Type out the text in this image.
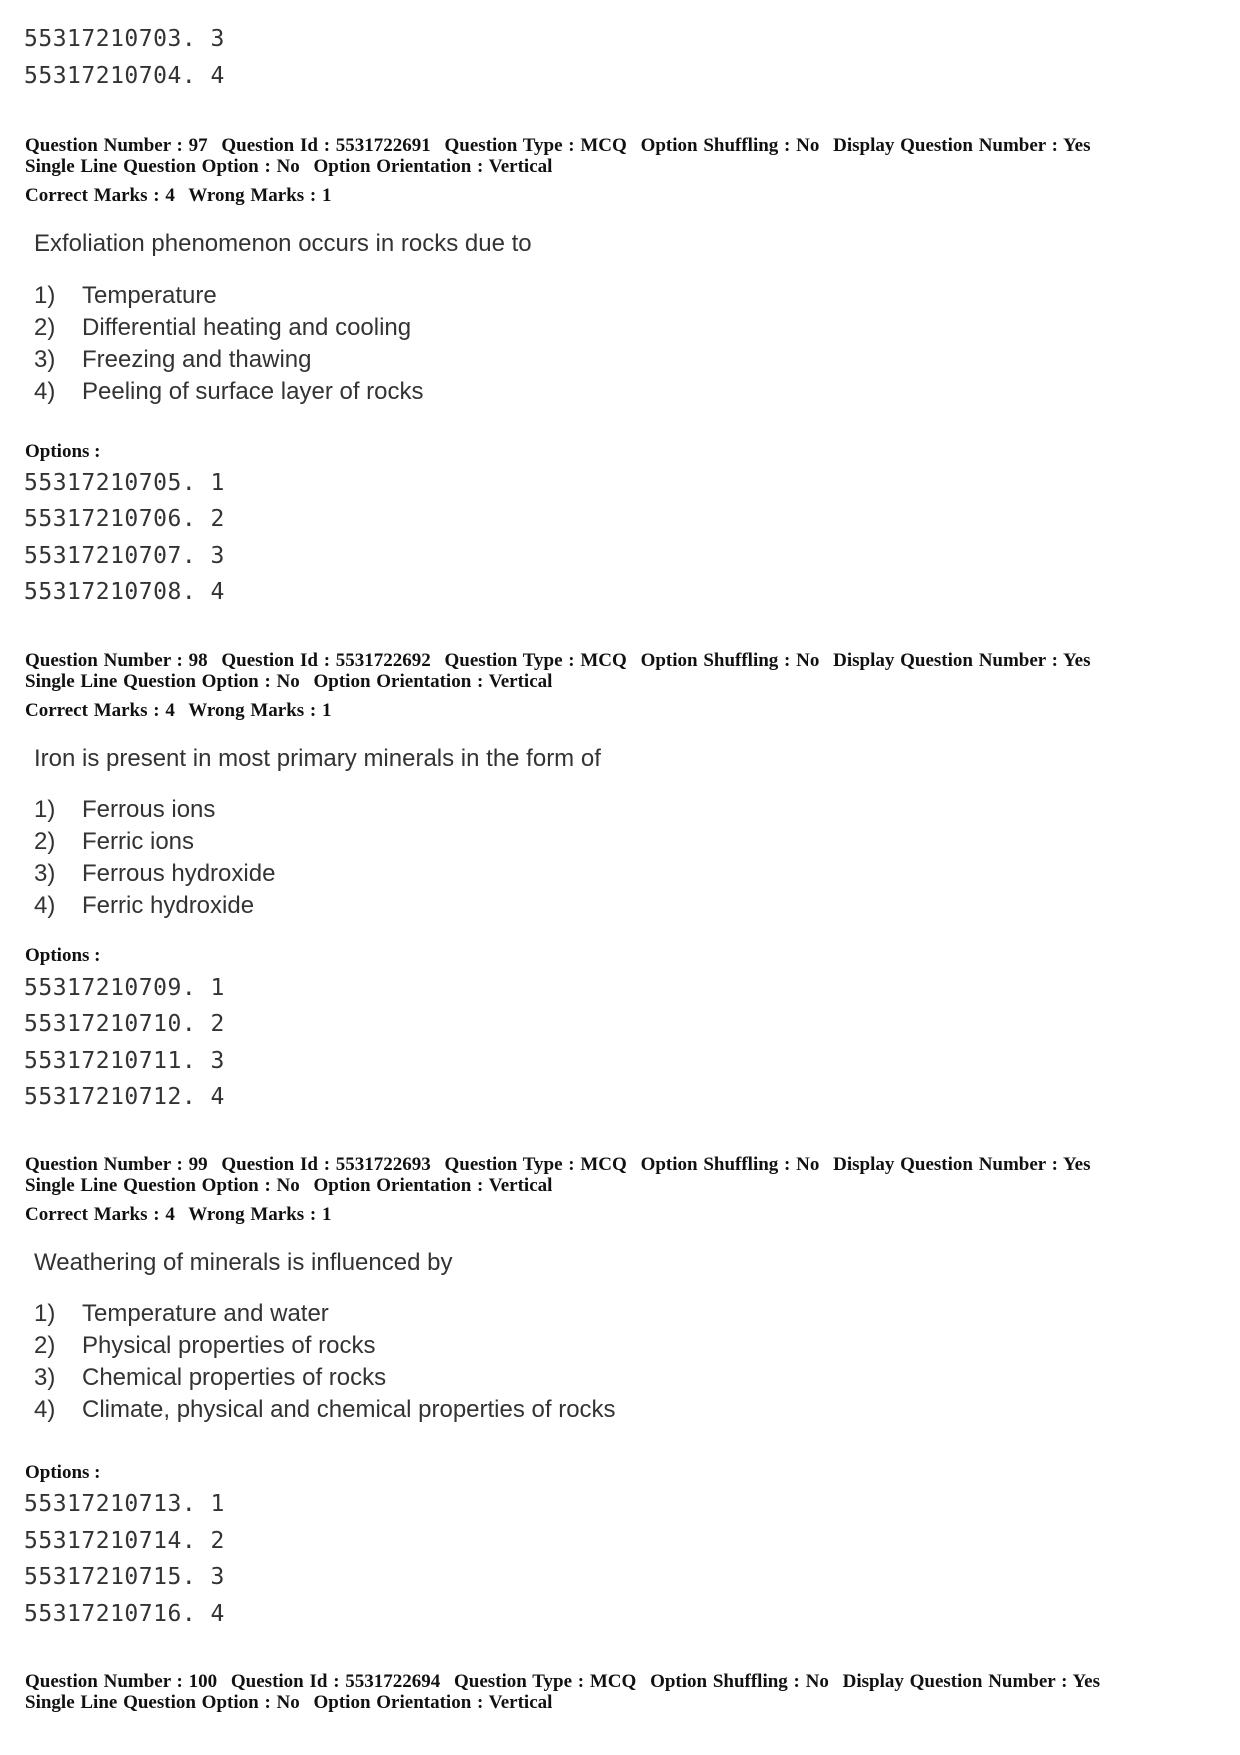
55317210703. 3
55317210704. 4
Question Number : 97 Question Id : 5531722691 Question Type : MCQ Option Shuffling : No Display Question Number : Yes
Single Line Question Option : No Option Orientation : Vertical
Correct Marks : 4 Wrong Marks : 1
Exfoliation phenomenon occurs in rocks due to
1) Temperature
2) Differential heating and cooling
3) Freezing and thawing
4) Peeling of surface layer of rocks
Options :
55317210705. 1
55317210706. 2
55317210707. 3
55317210708. 4
Question Number : 98 Question Id : 5531722692 Question Type : MCQ Option Shuffling : No Display Question Number : Yes
Single Line Question Option : No Option Orientation : Vertical
Correct Marks : 4 Wrong Marks : 1
Iron is present in most primary minerals in the form of
1) Ferrous ions
2) Ferric ions
3) Ferrous hydroxide
4) Ferric hydroxide
Options :
55317210709. 1
55317210710. 2
55317210711. 3
55317210712. 4
Question Number : 99 Question Id : 5531722693 Question Type : MCQ Option Shuffling : No Display Question Number : Yes
Single Line Question Option : No Option Orientation : Vertical
Correct Marks : 4 Wrong Marks : 1
Weathering of minerals is influenced by
1) Temperature and water
2) Physical properties of rocks
3) Chemical properties of rocks
4) Climate, physical and chemical properties of rocks
Options :
55317210713. 1
55317210714. 2
55317210715. 3
55317210716. 4
Question Number : 100 Question Id : 5531722694 Question Type : MCQ Option Shuffling : No Display Question Number : Yes
Single Line Question Option : No Option Orientation : Vertical
